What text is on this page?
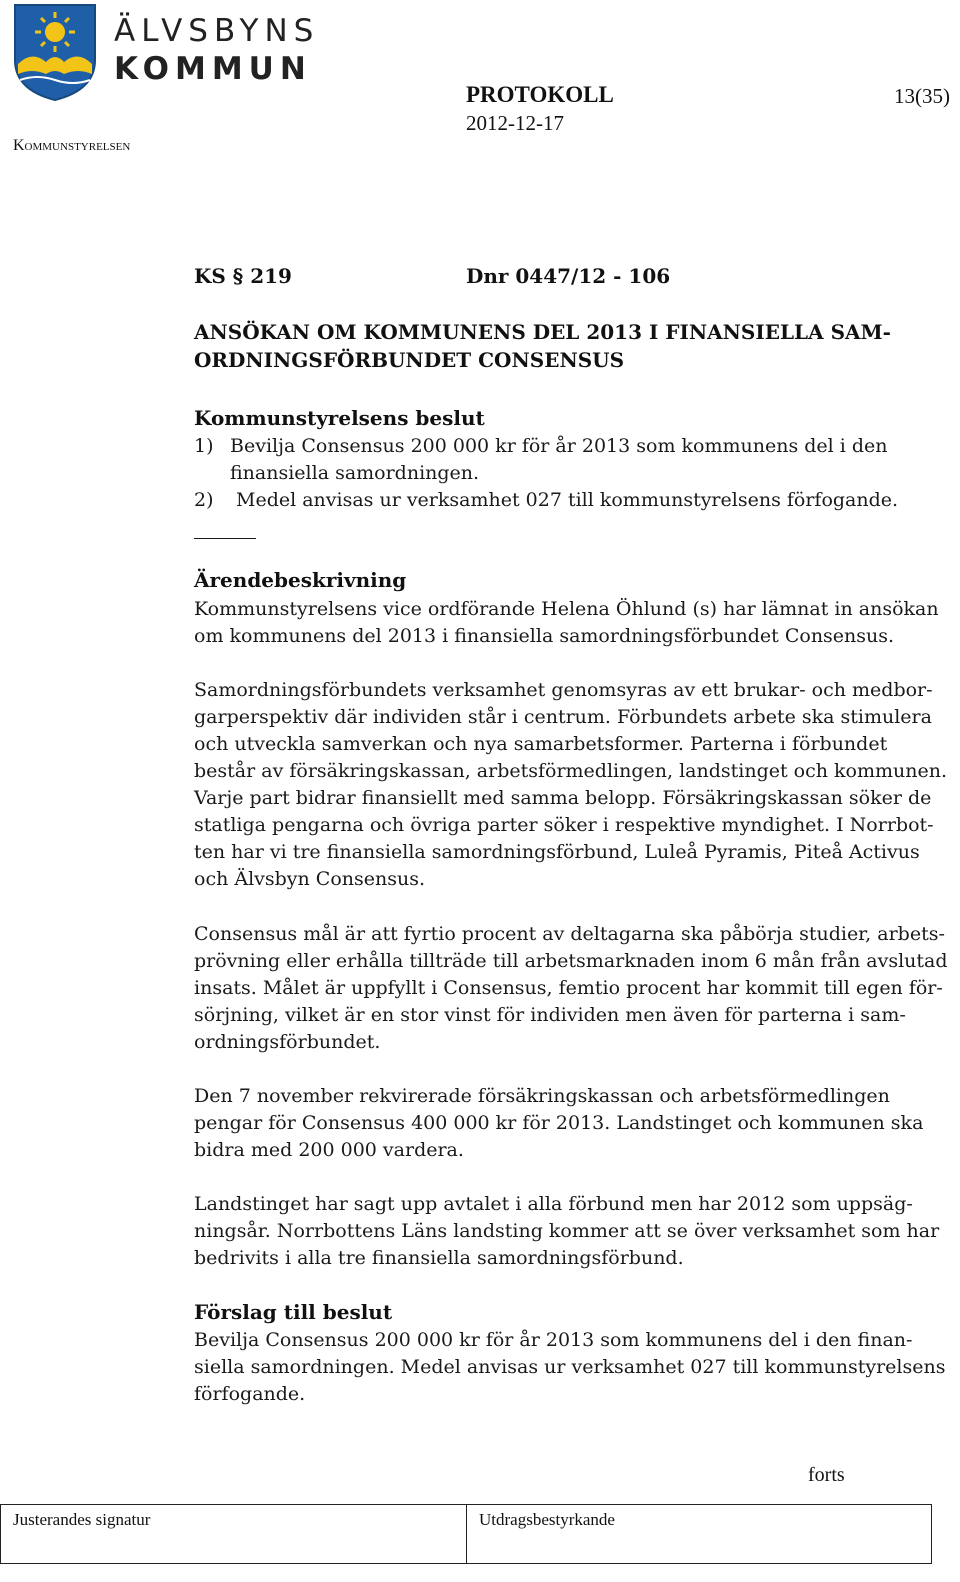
ÄLVSBYNS
KOMMUN
Kommunstyrelsen
PROTOKOLL
2012-12-17
13(35)
KS § 219	Dnr 0447/12 - 106
ANSÖKAN OM KOMMUNENS DEL 2013 I FINANSIELLA SAM-
ORDNINGSFÖRBUNDET CONSENSUS
Kommunstyrelsens beslut
1) Bevilja Consensus 200 000 kr för år 2013 som kommunens del i den
finansiella samordningen.
2) Medel anvisas ur verksamhet 027 till kommunstyrelsens förfogande.
Ärendebeskrivning
Kommunstyrelsens vice ordförande Helena Öhlund (s) har lämnat in ansökan
om kommunens del 2013 i finansiella samordningsförbundet Consensus.
Samordningsförbundets verksamhet genomsyras av ett brukar- och medbor-
garperspektiv där individen står i centrum. Förbundets arbete ska stimulera
och utveckla samverkan och nya samarbetsformer. Parterna i förbundet
består av försäkringskassan, arbetsförmedlingen, landstinget och kommunen.
Varje part bidrar finansiellt med samma belopp. Försäkringskassan söker de
statliga pengarna och övriga parter söker i respektive myndighet. I Norrbot-
ten har vi tre finansiella samordningsförbund, Luleå Pyramis, Piteå Activus
och Älvsbyn Consensus.
Consensus mål är att fyrtio procent av deltagarna ska påbörja studier, arbets-
prövning eller erhålla tillträde till arbetsmarknaden inom 6 mån från avslutad
insats. Målet är uppfyllt i Consensus, femtio procent har kommit till egen för-
sörjning, vilket är en stor vinst för individen men även för parterna i sam-
ordningsförbundet.
Den 7 november rekvirerade försäkringskassan och arbetsförmedlingen
pengar för Consensus 400 000 kr för 2013. Landstinget och kommunen ska
bidra med 200 000 vardera.
Landstinget har sagt upp avtalet i alla förbund men har 2012 som uppsäg-
ningsår. Norrbottens Läns landsting kommer att se över verksamhet som har
bedrivits i alla tre finansiella samordningsförbund.
Förslag till beslut
Bevilja Consensus 200 000 kr för år 2013 som kommunens del i den finan-
siella samordningen. Medel anvisas ur verksamhet 027 till kommunstyrelsens
förfogande.
forts
Justerandes signatur	Utdragsbestyrkande
